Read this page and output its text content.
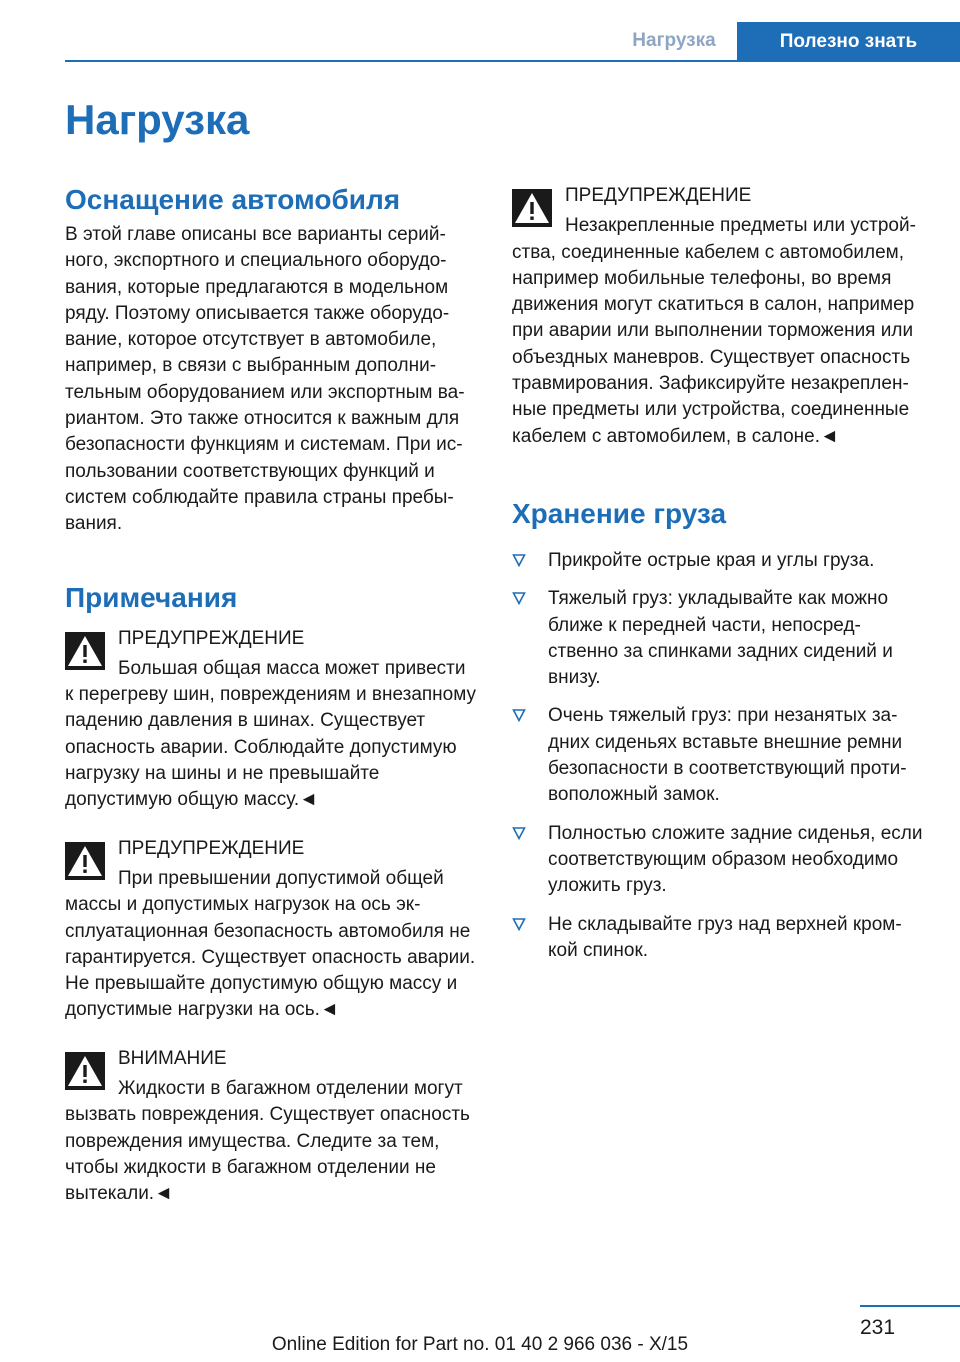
Нагрузка	Полезно знать
Нагрузка
Оснащение автомобиля

В этой главе описаны все варианты серийного, экспортного и специального оборудования, которые предлагаются в модельном ряду. Поэтому описывается также оборудование, которое отсутствует в автомобиле, например, в связи с выбранным дополнительным оборудованием или экспортным вариантом. Это также относится к важным для безопасности функциям и системам. При использовании соответствующих функций и систем соблюдайте правила страны пребывания.

Примечания

ПРЕДУПРЕЖДЕНИЕ

Большая общая масса может привести к перегреву шин, повреждениям и внезапному падению давления в шинах. Существует опасность аварии. Соблюдайте допустимую нагрузку на шины и не превышайте допустимую общую массу.◄

ПРЕДУПРЕЖДЕНИЕ

При превышении допустимой общей массы и допустимых нагрузок на ось эксплуатационная безопасность автомобиля не гарантируется. Существует опасность аварии. Не превышайте допустимую общую массу и допустимые нагрузки на ось.◄

ВНИМАНИЕ

Жидкости в багажном отделении могут вызвать повреждения. Существует опасность повреждения имущества. Следите за тем, чтобы жидкости в багажном отделении не вытекали.◄

ПРЕДУПРЕЖДЕНИЕ

Незакрепленные предметы или устройства, соединенные кабелем с автомобилем, например мобильные телефоны, во время движения могут скатиться в салон, например при аварии или выполнении торможения или объездных маневров. Существует опасность травмирования. Зафиксируйте незакрепленные предметы или устройства, соединенные кабелем с автомобилем, в салоне.◄

Хранение груза
Прикройте острые края и углы груза.
Тяжелый груз: укладывайте как можно ближе к передней части, непосредственно за спинками задних сидений и внизу.
Очень тяжелый груз: при незанятых задних сиденьях вставьте внешние ремни безопасности в соответствующий противоположный замок.
Полностью сложите задние сиденья, если соответствующим образом необходимо уложить груз.
Не складывайте груз над верхней кромкой спинок.
231
Online Edition for Part no. 01 40 2 966 036 - X/15
